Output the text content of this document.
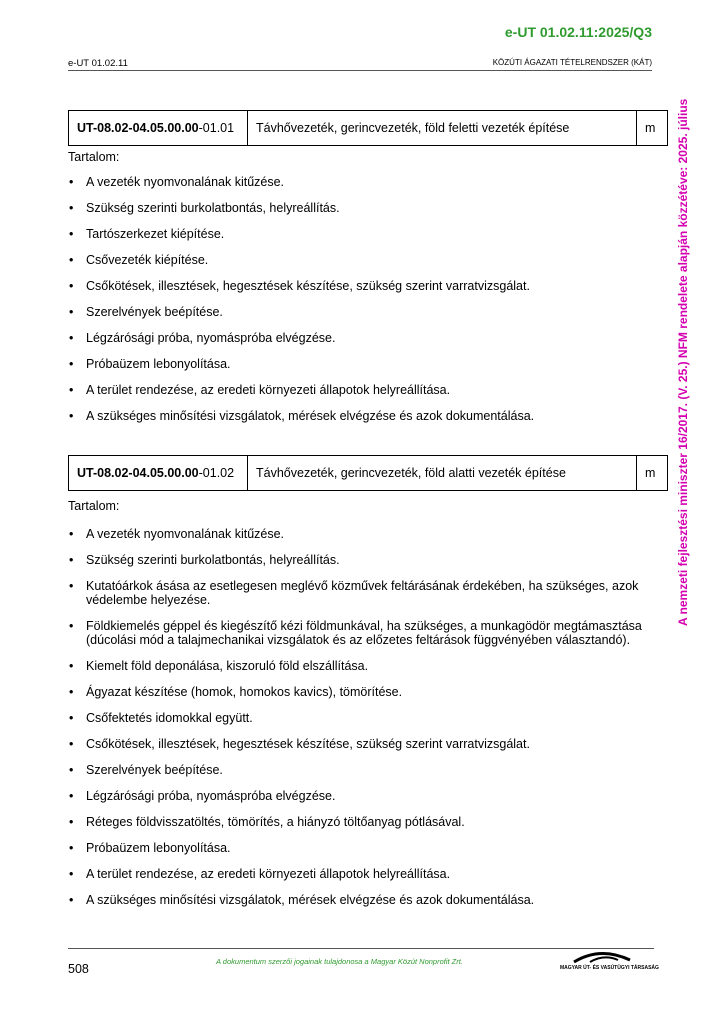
e-UT 01.02.11:2025/Q3
e-UT 01.02.11	KÖZÚTI ÁGAZATI TÉTELRENDSZER (KÁT)
A nemzeti fejlesztési miniszter 16/2017. (V. 25.) NFM rendelete alapján közzétéve: 2025. július
UT-08.02-04.05.00.00-01.01	Távhővezeték, gerincvezeték, föld feletti vezeték építése	m
Tartalom:
• A vezeték nyomvonalának kitűzése.
• Szükség szerinti burkolatbontás, helyreállítás.
• Tartószerkezet kiépítése.
• Csővezeték kiépítése.
• Csőkötések, illesztések, hegesztések készítése, szükség szerint varratvizsgálat.
• Szerelvények beépítése.
• Légzárósági próba, nyomáspróba elvégzése.
• Próbaüzem lebonyolítása.
• A terület rendezése, az eredeti környezeti állapotok helyreállítása.
• A szükséges minősítési vizsgálatok, mérések elvégzése és azok dokumentálása.
UT-08.02-04.05.00.00-01.02	Távhővezeték, gerincvezeték, föld alatti vezeték építése	m
Tartalom:
• A vezeték nyomvonalának kitűzése.
• Szükség szerinti burkolatbontás, helyreállítás.
• Kutatóárkok ásása az esetlegesen meglévő közművek feltárásának érdekében, ha szükséges, azok védelembe helyezése.
• Földkiemelés géppel és kiegészítő kézi földmunkával, ha szükséges, a munkagödör megtámasztása (dúcolási mód a talajmechanikai vizsgálatok és az előzetes feltárások függvényében választandó).
• Kiemelt föld deponálása, kiszoruló föld elszállítása.
• Ágyazat készítése (homok, homokos kavics), tömörítése.
• Csőfektetés idomokkal együtt.
• Csőkötések, illesztések, hegesztések készítése, szükség szerint varratvizsgálat.
• Szerelvények beépítése.
• Légzárósági próba, nyomáspróba elvégzése.
• Réteges földvisszatöltés, tömörítés, a hiányzó töltőanyag pótlásával.
• Próbaüzem lebonyolítása.
• A terület rendezése, az eredeti környezeti állapotok helyreállítása.
• A szükséges minősítési vizsgálatok, mérések elvégzése és azok dokumentálása.
508
A dokumentum szerzői jogainak tulajdonosa a Magyar Közút Nonprofit Zrt.
MAGYAR ÚT- ÉS VASÚTÜGYI TÁRSASÁG
